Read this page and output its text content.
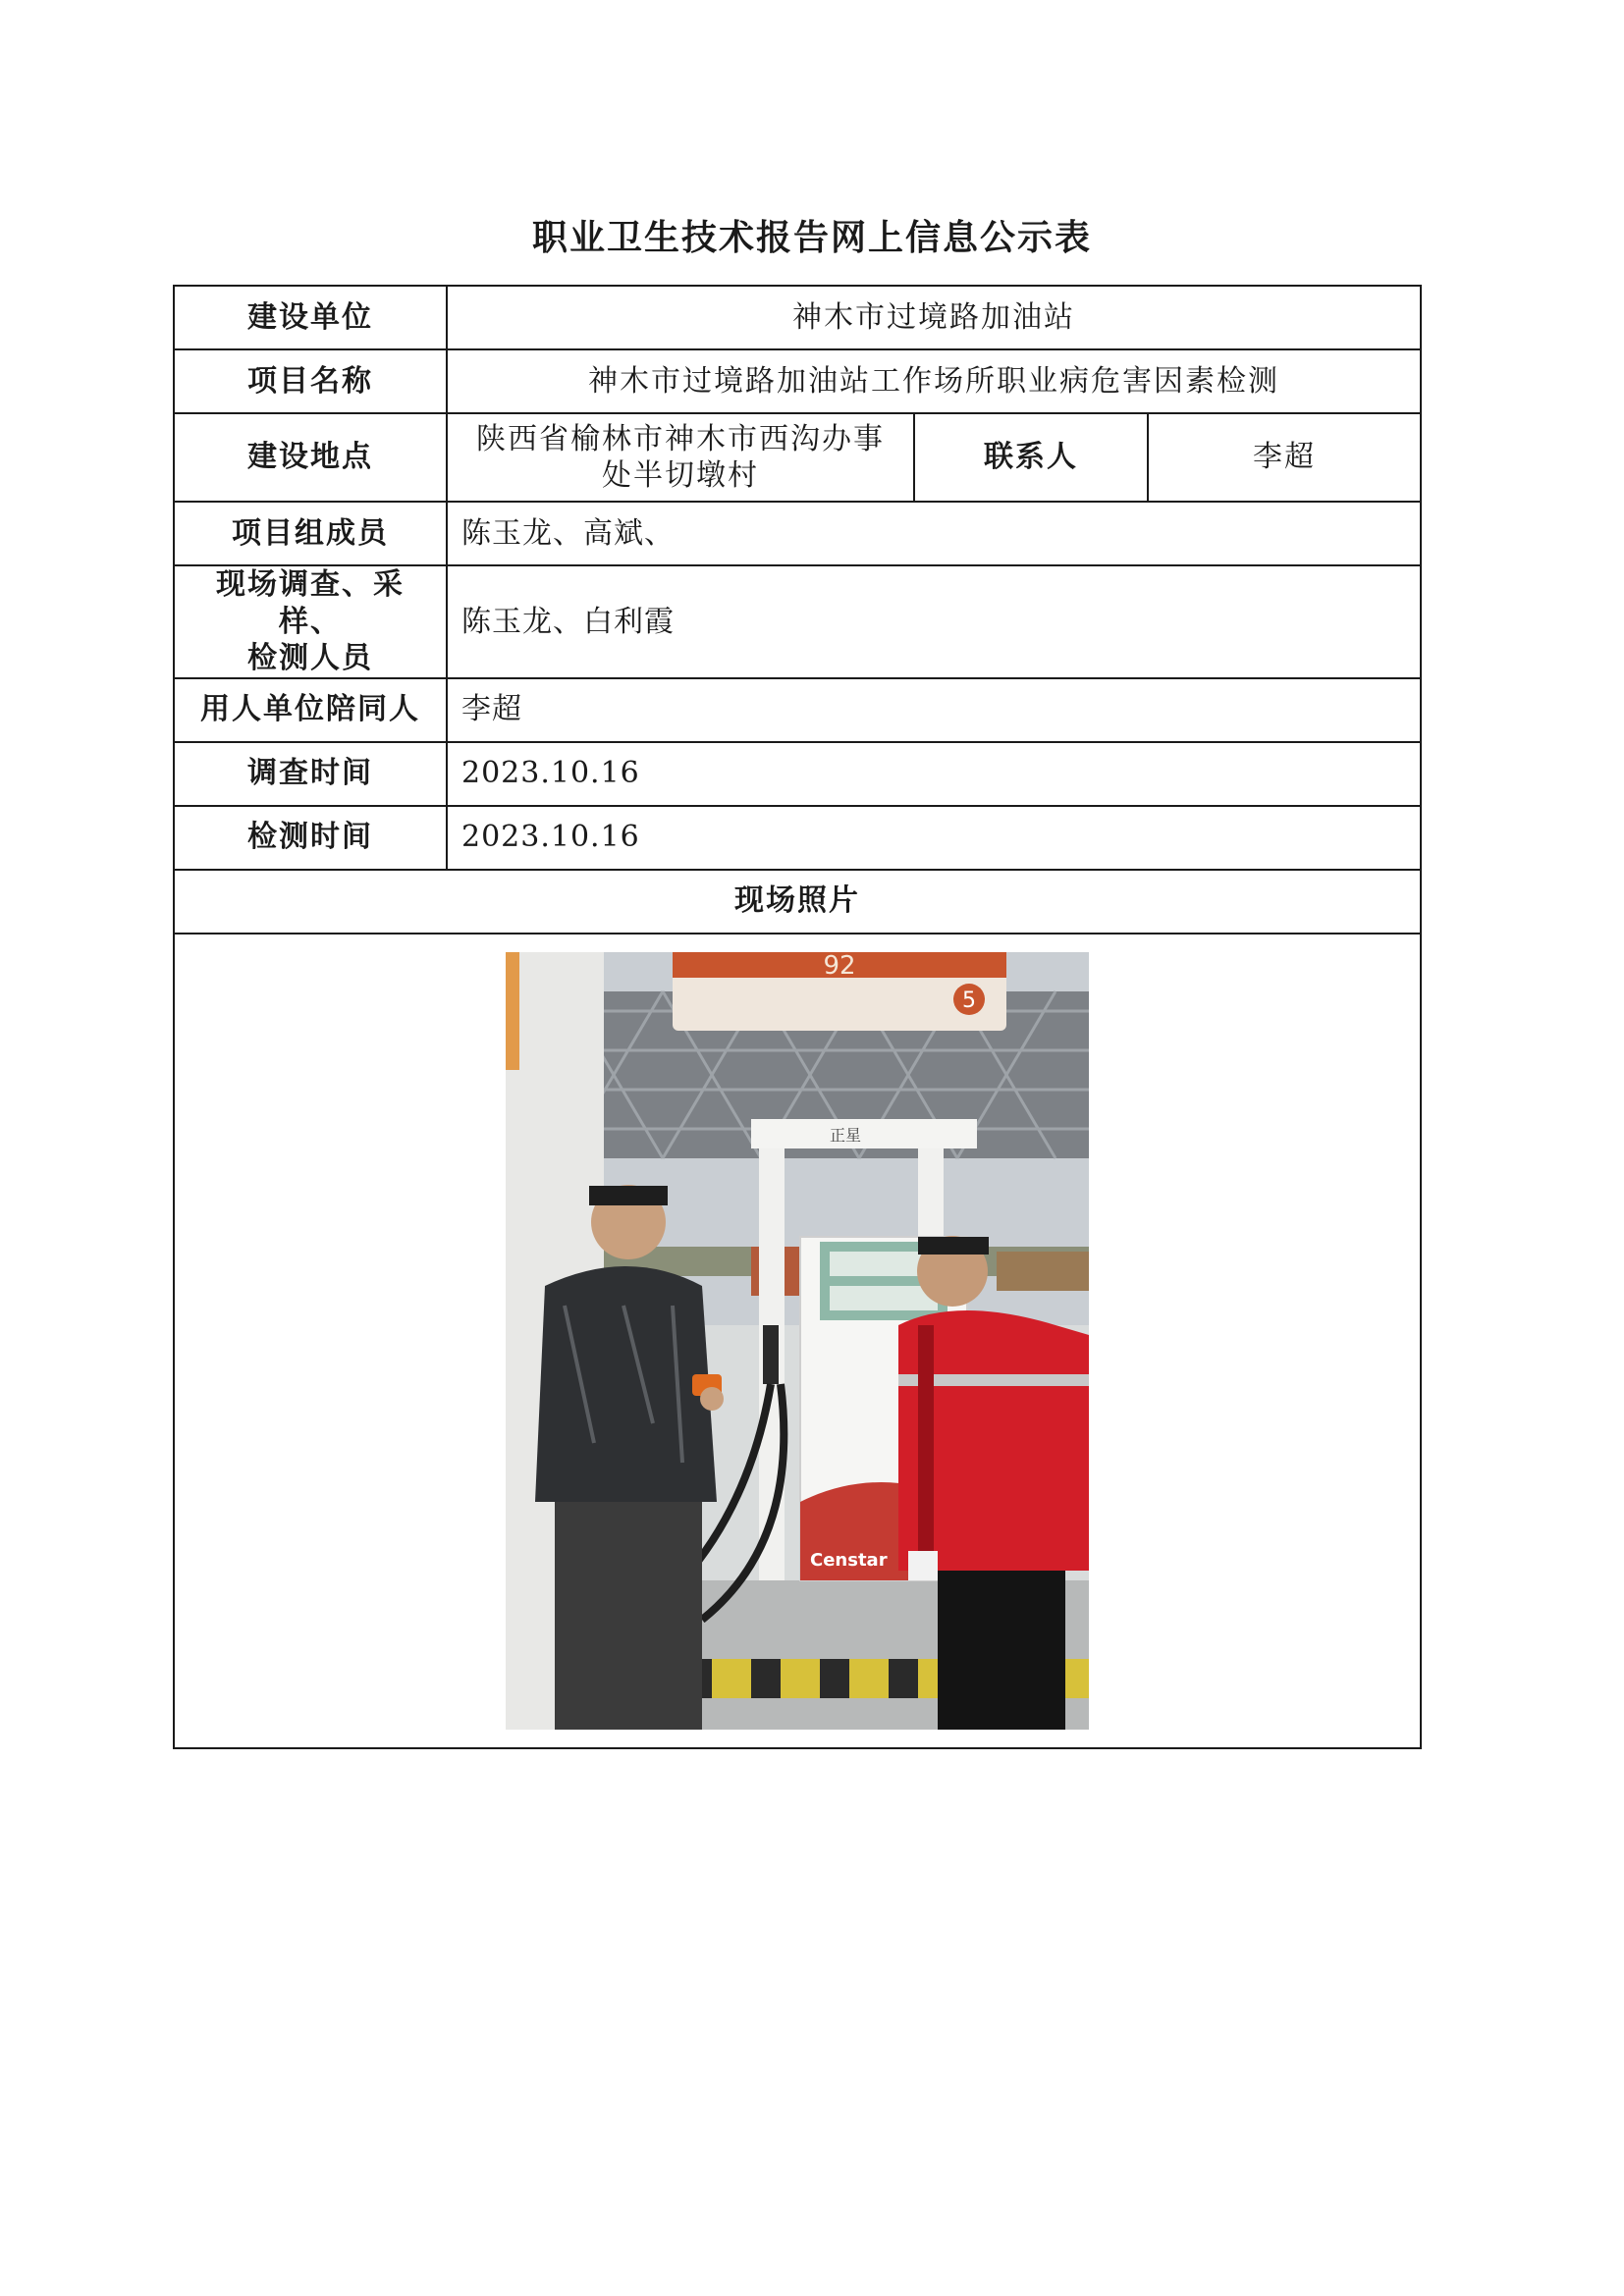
职业卫生技术报告网上信息公示表
建设单位	神木市过境路加油站		
项目名称	神木市过境路加油站工作场所职业病危害因素检测		
建设地点	陕西省榆林市神木市西沟办事处半切墩村	联系人	李超
项目组成员	陈玉龙、高斌、		

现场调查、采样、
检测人员	陈玉龙、白利霞		
用人单位陪同人	李超		
调查时间	2023.10.16		
检测时间	2023.10.16		
现场照片			

92
5
正星
Censtar			
